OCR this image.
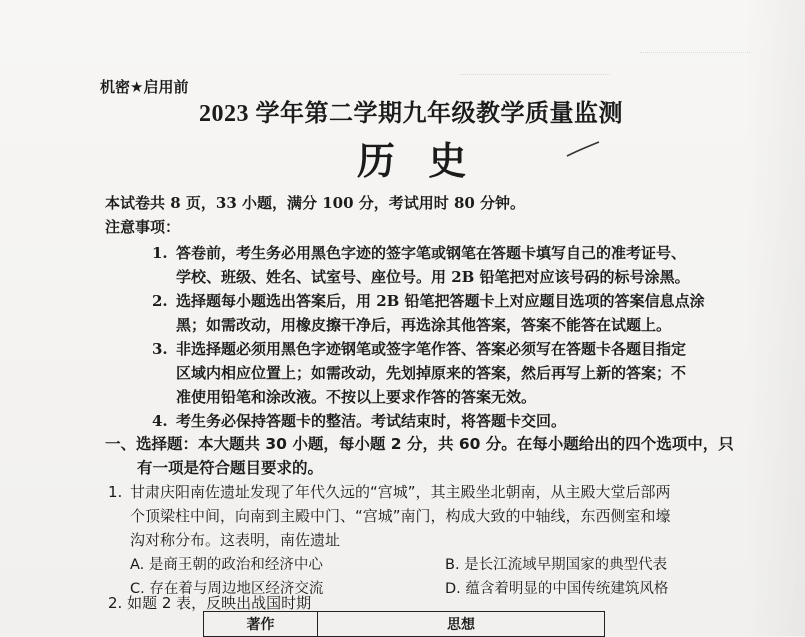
机密★启用前
2023 学年第二学期九年级教学质量监测
历 史
本试卷共 8 页，33 小题，满分 100 分，考试用时 80 分钟。
注意事项：
1. 答卷前，考生务必用黑色字迹的签字笔或钢笔在答题卡填写自己的准考证号、
学校、班级、姓名、试室号、座位号。用 2B 铅笔把对应该号码的标号涂黑。
2. 选择题每小题选出答案后，用 2B 铅笔把答题卡上对应题目选项的答案信息点涂
黑；如需改动，用橡皮擦干净后，再选涂其他答案，答案不能答在试题上。
3. 非选择题必须用黑色字迹钢笔或签字笔作答、答案必须写在答题卡各题目指定
区域内相应位置上；如需改动，先划掉原来的答案，然后再写上新的答案；不
准使用铅笔和涂改液。不按以上要求作答的答案无效。
4. 考生务必保持答题卡的整洁。考试结束时，将答题卡交回。
一、选择题：本大题共 30 小题，每小题 2 分，共 60 分。在每小题给出的四个选项中，只
有一项是符合题目要求的。
1. 甘肃庆阳南佐遗址发现了年代久远的“宫城”，其主殿坐北朝南，从主殿大堂后部两
个顶梁柱中间，向南到主殿中门、“宫城”南门，构成大致的中轴线，东西侧室和壕
沟对称分布。这表明，南佐遗址
A. 是商王朝的政治和经济中心	B. 是长江流域早期国家的典型代表
C. 存在着与周边地区经济交流	D. 蕴含着明显的中国传统建筑风格
2. 如题 2 表，反映出战国时期
著作	思想
